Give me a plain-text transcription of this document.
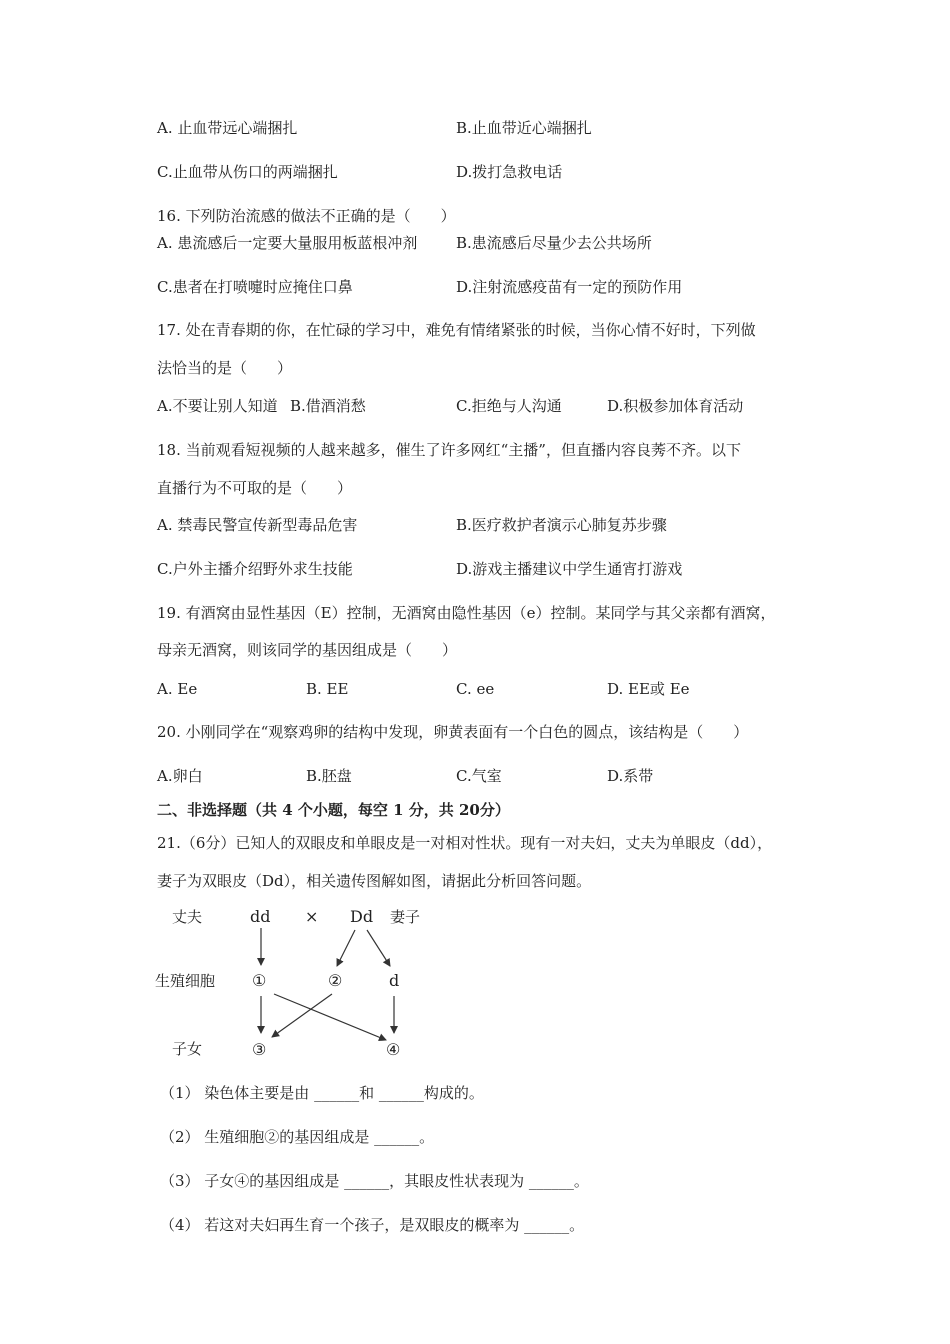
A. 止血带远心端捆扎	B.止血带近心端捆扎
C.止血带从伤口的两端捆扎	D.拨打急救电话
16. 下列防治流感的做法不正确的是（　　）
A. 患流感后一定要大量服用板蓝根冲剂	B.患流感后尽量少去公共场所
C.患者在打喷嚏时应掩住口鼻	D.注射流感疫苗有一定的预防作用
17. 处在青春期的你，在忙碌的学习中，难免有情绪紧张的时候，当你心情不好时，下列做
法恰当的是（　　）
A.不要让别人知道 B.借酒消愁	C.拒绝与人沟通	D.积极参加体育活动
18. 当前观看短视频的人越来越多，催生了许多网红“主播”，但直播内容良莠不齐。以下
直播行为不可取的是（　　）
A. 禁毒民警宣传新型毒品危害	B.医疗救护者演示心肺复苏步骤
C.户外主播介绍野外求生技能	D.游戏主播建议中学生通宵打游戏
19. 有酒窝由显性基因（E）控制，无酒窝由隐性基因（e）控制。某同学与其父亲都有酒窝，
母亲无酒窝，则该同学的基因组成是（　　）
A. Ee	B. EE	C. ee	D. EE或 Ee
20. 小刚同学在“观察鸡卵的结构中发现，卵黄表面有一个白色的圆点，该结构是（　　）
A.卵白	B.胚盘	C.气室	D.系带
二、非选择题（共 4 个小题，每空 1 分，共 20分）
21.（6分）已知人的双眼皮和单眼皮是一对相对性状。现有一对夫妇，丈夫为单眼皮（dd），
妻子为双眼皮（Dd），相关遗传图解如图，请据此分析回答问题。
丈夫
生殖细胞
子女
dd × Dd 妻子
①	②	d
③	④
（1） 染色体主要是由 ______和 ______构成的。
（2） 生殖细胞②的基因组成是 ______。
（3） 子女④的基因组成是 ______，其眼皮性状表现为 ______。
（4） 若这对夫妇再生育一个孩子，是双眼皮的概率为 ______。
